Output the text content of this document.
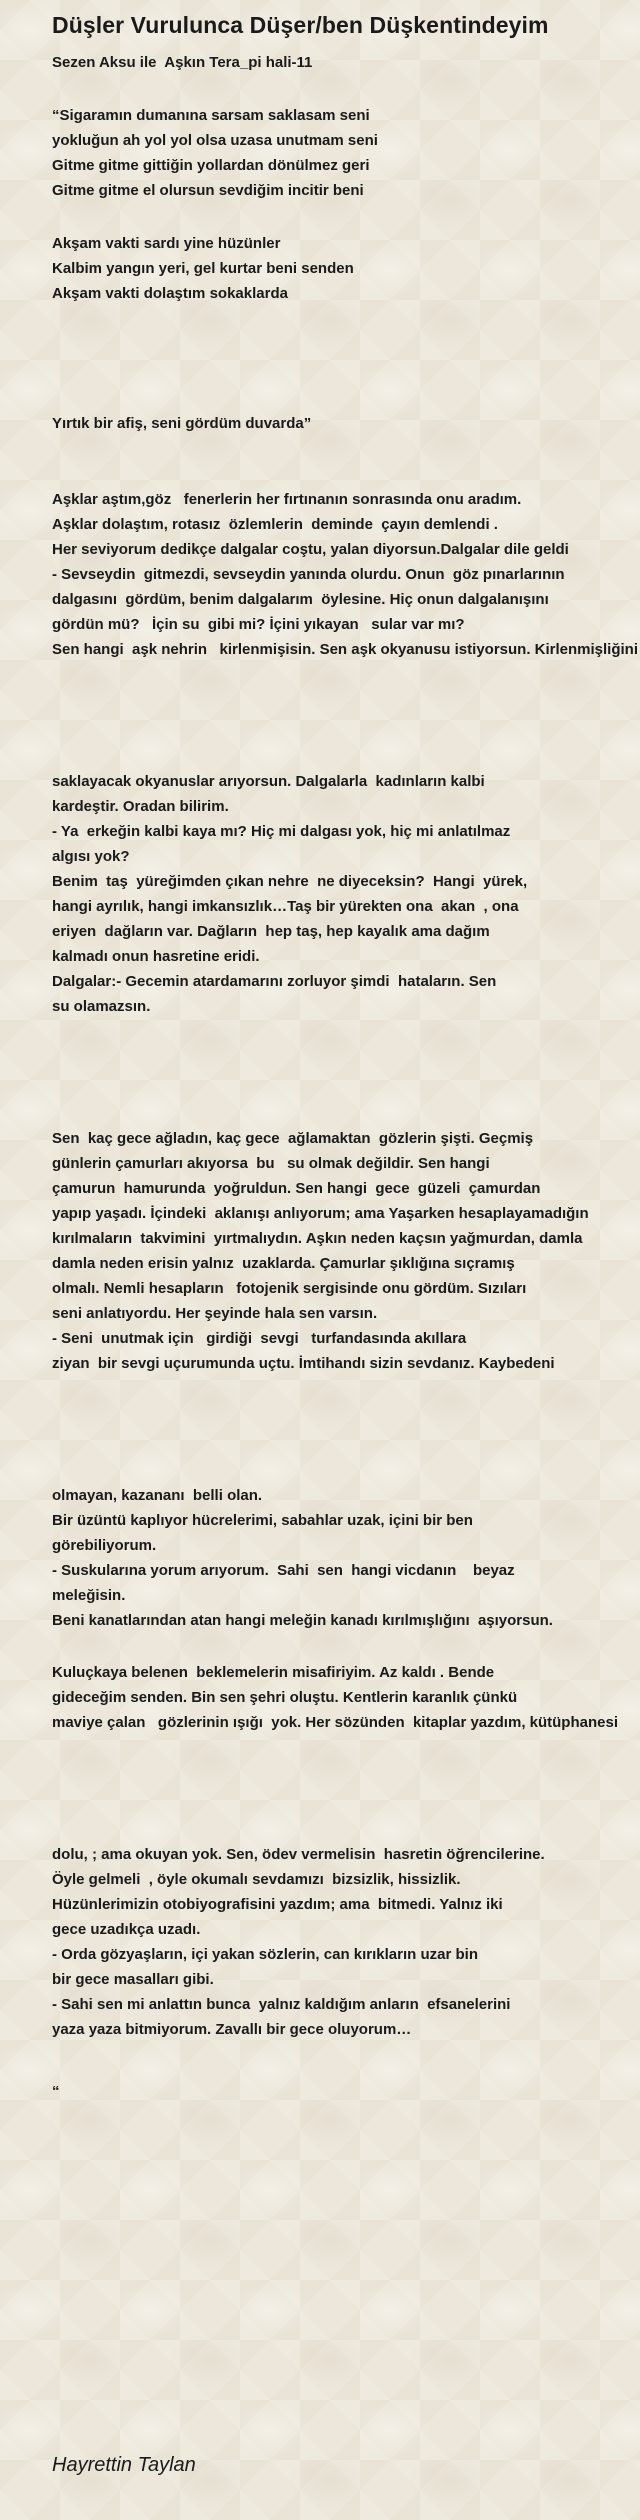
Düşler Vurulunca Düşer/ben Düşkentindeyim

Sezen Aksu ile  Aşkın Tera_pi hali-11

“Sigaramın dumanına sarsam saklasam seni

yokluğun ah yol yol olsa uzasa unutmam seni

Gitme gitme gittiğin yollardan dönülmez geri

Gitme gitme el olursun sevdiğim incitir beni

Akşam vakti sardı yine hüzünler

Kalbim yangın yeri, gel kurtar beni senden

Akşam vakti dolaştım sokaklarda

Yırtık bir afiş, seni gördüm duvarda”

Aşklar aştım,göz   fenerlerin her fırtınanın sonrasında onu aradım.

Aşklar dolaştım, rotasız  özlemlerin  deminde  çayın demlendi .

Her seviyorum dedikçe dalgalar coştu, yalan diyorsun.Dalgalar dile geldi

- Sevseydin  gitmezdi, sevseydin yanında olurdu. Onun  göz pınarlarının

dalgasını  gördüm, benim dalgalarım  öylesine. Hiç onun dalgalanışını

gördün mü?   İçin su  gibi mi? İçini yıkayan   sular var mı?

Sen hangi  aşk nehrin   kirlenmişisin. Sen aşk okyanusu istiyorsun. Kirlenmişliğini

saklayacak okyanuslar arıyorsun. Dalgalarla  kadınların kalbi

kardeştir. Oradan bilirim.

- Ya  erkeğin kalbi kaya mı? Hiç mi dalgası yok, hiç mi anlatılmaz

algısı yok?

Benim  taş  yüreğimden çıkan nehre  ne diyeceksin?  Hangi  yürek,

hangi ayrılık, hangi imkansızlık…Taş bir yürekten ona  akan  , ona

eriyen  dağların var. Dağların  hep taş, hep kayalık ama dağım

kalmadı onun hasretine eridi.

Dalgalar:- Gecemin atardamarını zorluyor şimdi  hataların. Sen

su olamazsın.

Sen  kaç gece ağladın, kaç gece  ağlamaktan  gözlerin şişti. Geçmiş

günlerin çamurları akıyorsa  bu   su olmak değildir. Sen hangi

çamurun  hamurunda  yoğruldun. Sen hangi  gece  güzeli  çamurdan

yapıp yaşadı. İçindeki  aklanışı anlıyorum; ama Yaşarken hesaplayamadığın

kırılmaların  takvimini  yırtmalıydın. Aşkın neden kaçsın yağmurdan, damla

damla neden erisin yalnız  uzaklarda. Çamurlar şıklığına sıçramış

olmalı. Nemli hesapların   fotojenik sergisinde onu gördüm. Sızıları

seni anlatıyordu. Her şeyinde hala sen varsın.

- Seni  unutmak için   girdiği  sevgi   turfandasında akıllara

ziyan  bir sevgi uçurumunda uçtu. İmtihandı sizin sevdanız. Kaybedeni

olmayan, kazananı  belli olan.

Bir üzüntü kaplıyor hücrelerimi, sabahlar uzak, içini bir ben

görebiliyorum.

- Suskularına yorum arıyorum.  Sahi  sen  hangi vicdanın    beyaz

meleğisin.

Beni kanatlarından atan hangi meleğin kanadı kırılmışlığını  aşıyorsun.

Kuluçkaya belenen  beklemelerin misafiriyim. Az kaldı . Bende

gideceğim senden. Bin sen şehri oluştu. Kentlerin karanlık çünkü

maviye çalan   gözlerinin ışığı  yok. Her sözünden  kitaplar yazdım, kütüphanesi

dolu, ; ama okuyan yok. Sen, ödev vermelisin  hasretin öğrencilerine.

Öyle gelmeli  , öyle okumalı sevdamızı  bizsizlik, hissizlik.

Hüzünlerimizin otobiyografisini yazdım; ama  bitmedi. Yalnız iki

gece uzadıkça uzadı.

- Orda gözyaşların, içi yakan sözlerin, can kırıkların uzar bin

bir gece masalları gibi.

- Sahi sen mi anlattın bunca  yalnız kaldığım anların  efsanelerini

yaza yaza bitmiyorum. Zavallı bir gece oluyorum…

“

Hayrettin Taylan
